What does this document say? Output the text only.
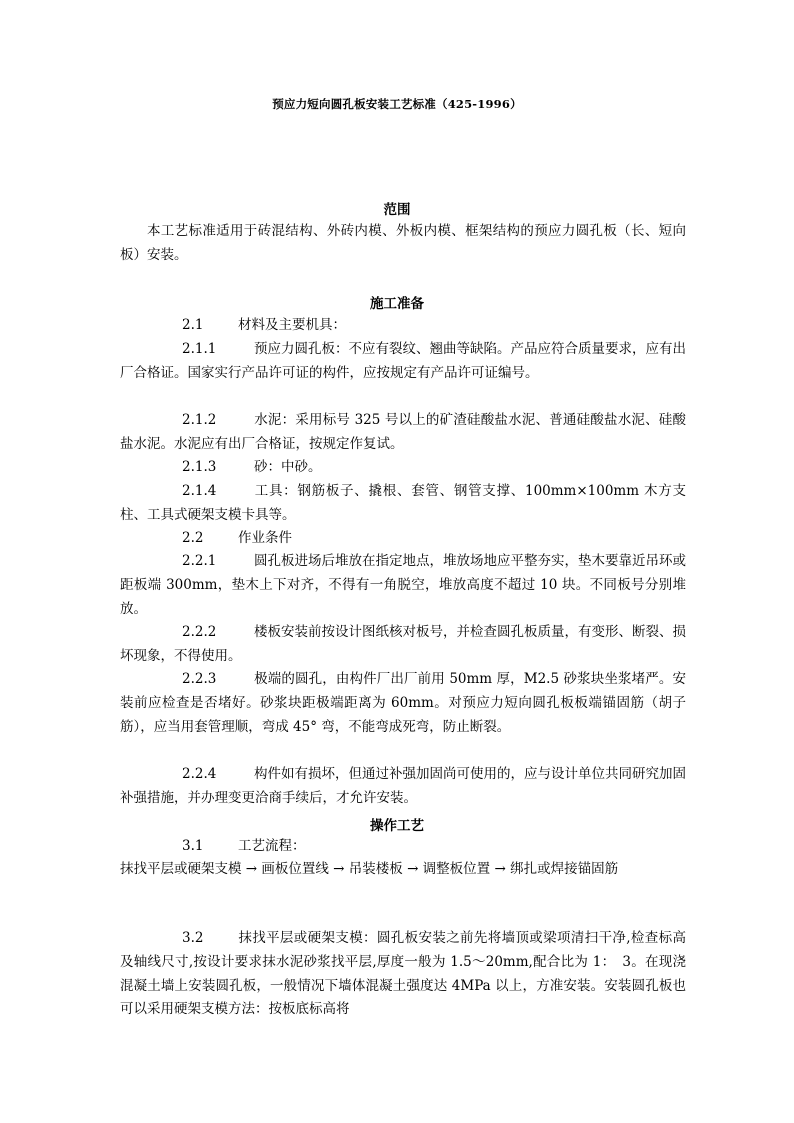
预应力短向圆孔板安装工艺标准（425-1996）
范围

本工艺标准适用于砖混结构、外砖内模、外板内模、框架结构的预应力圆孔板（长、短向板）安装。

施工准备

2.1	材料及主要机具：

2.1.1	预应力圆孔板：不应有裂纹、翘曲等缺陷。产品应符合质量要求，应有出厂合格证。国家实行产品许可证的构件，应按规定有产品许可证编号。

2.1.2	水泥：采用标号 325 号以上的矿渣硅酸盐水泥、普通硅酸盐水泥、硅酸盐水泥。水泥应有出厂合格证，按规定作复试。

2.1.3	砂：中砂。

2.1.4	工具：钢筋板子、撬根、套管、钢管支撑、100mm×100mm 木方支柱、工具式硬架支模卡具等。

2.2	作业条件

2.2.1	圆孔板进场后堆放在指定地点，堆放场地应平整夯实，垫木要靠近吊环或距板端 300mm，垫木上下对齐，不得有一角脱空，堆放高度不超过 10 块。不同板号分别堆放。

2.2.2	楼板安装前按设计图纸核对板号，并检查圆孔板质量，有变形、断裂、损坏现象，不得使用。

2.2.3	极端的圆孔，由构件厂出厂前用 50mm 厚，M2.5 砂浆块坐浆堵严。安装前应检查是否堵好。砂浆块距极端距离为 60mm。对预应力短向圆孔板板端锚固筋（胡子筋），应当用套管理顺，弯成 45° 弯，不能弯成死弯，防止断裂。

2.2.4	构件如有损坏，但通过补强加固尚可使用的，应与设计单位共同研究加固补强措施，并办理变更洽商手续后，才允许安装。

操作工艺

3.1	工艺流程：

抹找平层或硬架支模 → 画板位置线 → 吊装楼板 → 调整板位置 → 绑扎或焊接锚固筋

3.2	抹找平层或硬架支模：圆孔板安装之前先将墙顶或梁项清扫干净,检查标高及轴线尺寸,按设计要求抹水泥砂浆找平层,厚度一般为 1.5～20mm,配合比为 1：　3。在现浇混凝土墙上安装圆孔板，一般情况下墙体混凝土强度达 4MPa 以上，方准安装。安装圆孔板也可以采用硬架支模方法：按板底标高将
